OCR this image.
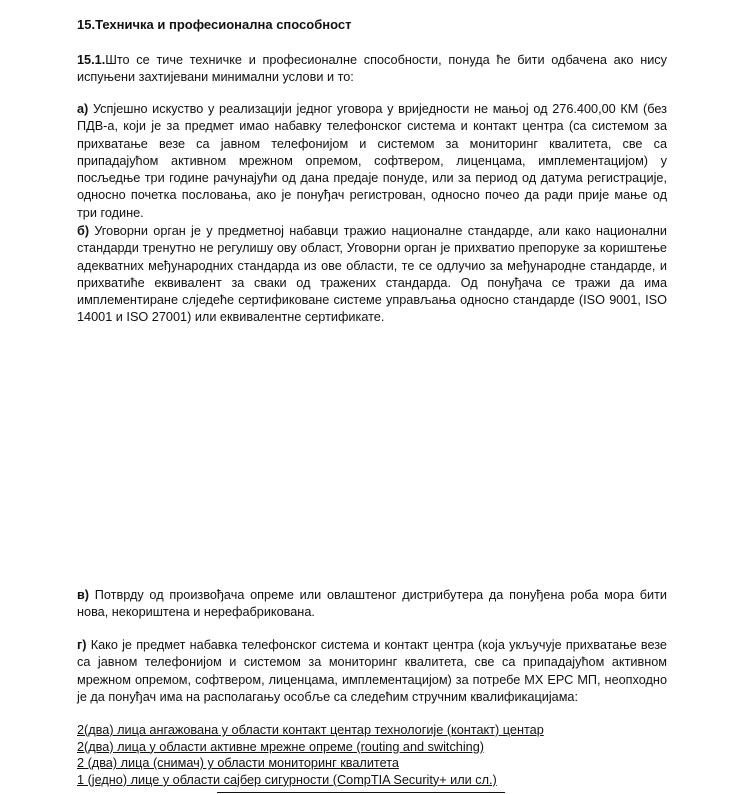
15.Техничка и професионална способност

15.1.Што се тиче техничке и професионалне способности, понуда ће бити одбачена ако нису испуњени захтијевани минимални услови и то:

а) Успјешно искуство у реализацији једног уговора у вриједности не мањој од 276.400,00 КМ (без ПДВ-а, који је за предмет имао набавку телефонског система и контакт центра (са системом за прихватање везе са јавном телефонијом и системом за мониторинг квалитета, све са припадајућом активном мрежном опремом, софтвером, лиценцама, имплементацијом) у посљедње три године рачунајући од дана предаје понуде, или за период од датума регистрације, односно почетка пословања, ако је понуђач регистрован, односно почео да ради прије мање од три године.

б) Уговорни орган је у предметној набавци тражио националне стандарде, али како национални стандарди тренутно не регулишу ову област, Уговорни орган је прихватио препоруке за кориштење адекватних међународних стандарда из ове области, те се одлучио за међународне стандарде, и прихватиће еквивалент за сваки од тражених стандарда. Од понуђача се тражи да има имплементиране слједеће сертификоване системе управљања односно стандарде (ISO 9001, ISO 14001 и ISO 27001) или еквивалентне сертификате.

в) Потврду од произвођача опреме или овлаштеног дистрибутера да понуђена роба мора бити нова, некориштена и нерефабрикована.

г) Како је предмет набавка телефонског система и контакт центра (која укључује прихватање везе са јавном телефонијом и системом за мониторинг квалитета, све са припадајућом активном мрежном опремом, софтвером, лиценцама, имплементацијом) за потребе МХ ЕРС МП, неопходно је да понуђач има на располагању особље са следећим стручним квалификацијама:

2(два) лица ангажована у области контакт центар технологије (контакт) центар
2(два) лица у области активне мрежне опреме (routing and switching)
2 (два) лица (снимач) у области мониторинг квалитета
1 (једно) лице у области сајбер сигурности (CompTIA Security+ или сл.)
